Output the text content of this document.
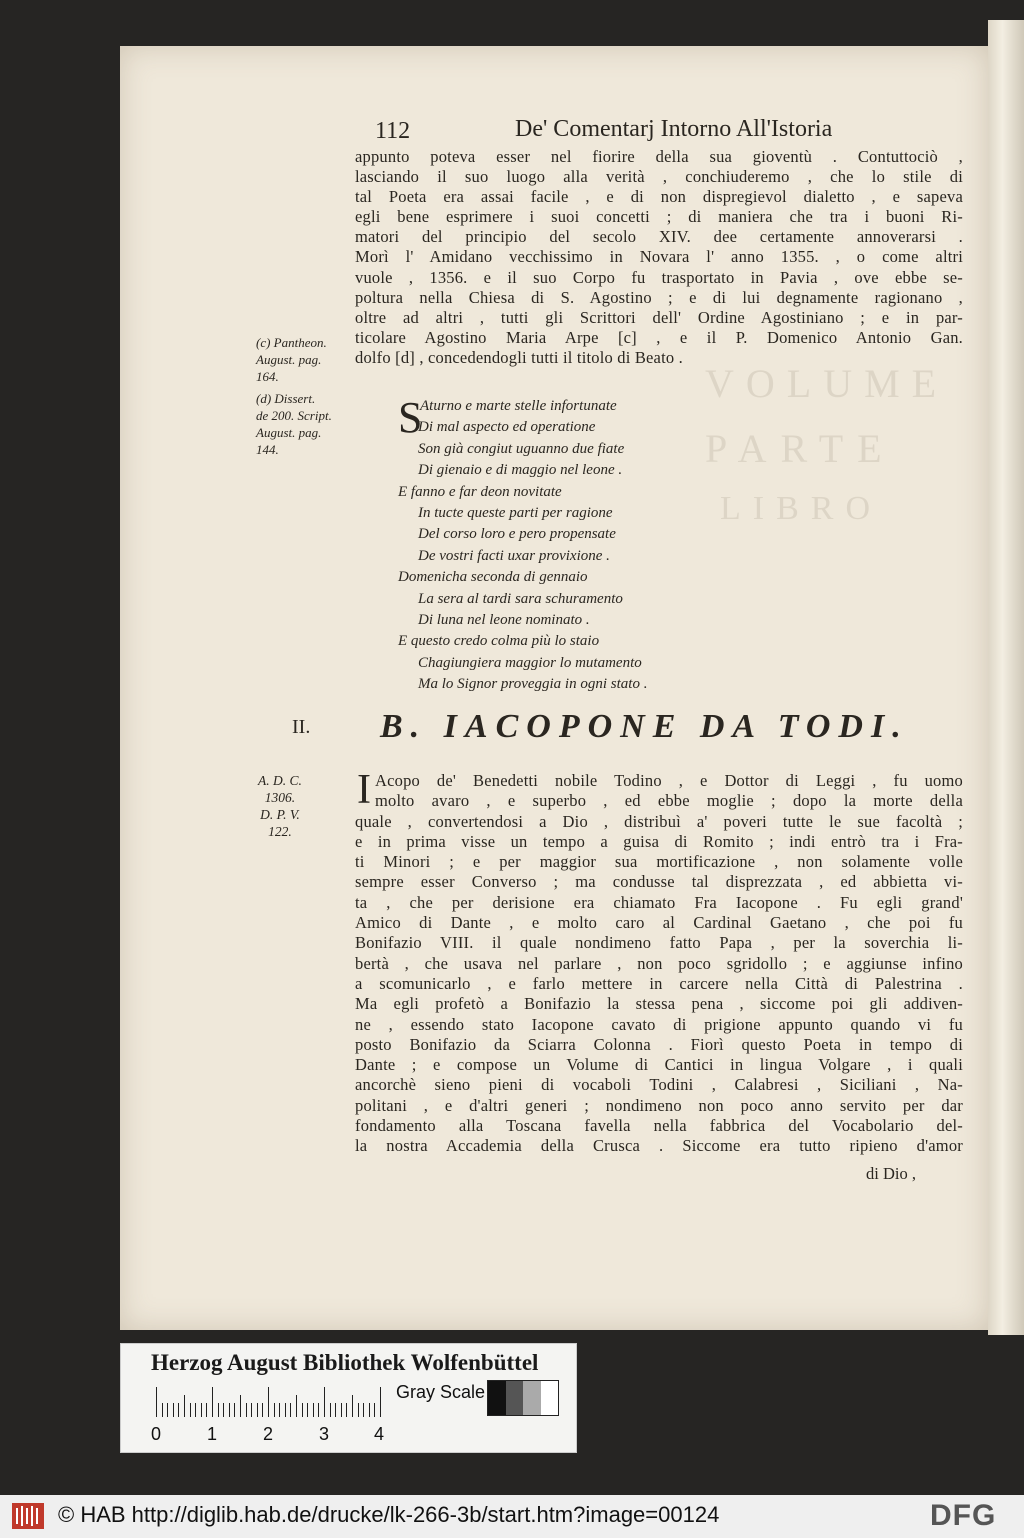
VOLUME
PARTE
LIBRO
112	De' Comentarj Intorno All'Istoria
appunto poteva esser nel fiorire della sua gioventù . Contuttociò ,
lasciando il suo luogo alla verità , conchiuderemo , che lo stile di
tal Poeta era assai facile , e di non dispregievol dialetto , e sapeva
egli bene esprimere i suoi concetti ; di maniera che tra i buoni Ri-
matori del principio del secolo XIV. dee certamente annoverarsi .
Morì l' Amidano vecchissimo in Novara l' anno 1355. , o come altri
vuole , 1356. e il suo Corpo fu trasportato in Pavia , ove ebbe se-
poltura nella Chiesa di S. Agostino ; e di lui degnamente ragionano ,
oltre ad altri , tutti gli Scrittori dell' Ordine Agostiniano ; e in par-
ticolare Agostino Maria Arpe [c] , e il P. Domenico Antonio Gan.
dolfo [d] , concedendogli tutti il titolo di Beato .
(c) Pantheon.
August. pag.
164.
(d) Dissert.
de 200. Script.
August. pag.
144.
S
Aturno e marte stelle infortunate
Di mal aspecto ed operatione
Son già congiut uguanno due fiate
Di gienaio e di maggio nel leone .
E fanno e far deon novitate
In tucte queste parti per ragione
Del corso loro e pero propensate
De vostri facti uxar provixione .
Domenicha seconda di gennaio
La sera al tardi sara schuramento
Di luna nel leone nominato .
E questo credo colma più lo staio
Chagiungiera maggior lo mutamento
Ma lo Signor proveggia in ogni stato .
II. B. IACOPONE DA TODI.
A. D. C.
1306.
D. P. V.
122.
I Acopo de' Benedetti nobile Todino , e Dottor di Leggi , fu uomo
molto avaro , e superbo , ed ebbe moglie ; dopo la morte della
quale , convertendosi a Dio , distribuì a' poveri tutte le sue facoltà ;
e in prima visse un tempo a guisa di Romito ; indi entrò tra i Fra-
ti Minori ; e per maggior sua mortificazione , non solamente volle
sempre esser Converso ; ma condusse tal disprezzata , ed abbietta vi-
ta , che per derisione era chiamato Fra Iacopone . Fu egli grand'
Amico di Dante , e molto caro al Cardinal Gaetano , che poi fu
Bonifazio VIII. il quale nondimeno fatto Papa , per la soverchia li-
bertà , che usava nel parlare , non poco sgridollo ; e aggiunse infino
a scomunicarlo , e farlo mettere in carcere nella Città di Palestrina .
Ma egli profetò a Bonifazio la stessa pena , siccome poi gli addiven-
ne , essendo stato Iacopone cavato di prigione appunto quando vi fu
posto Bonifazio da Sciarra Colonna . Fiorì questo Poeta in tempo di
Dante ; e compose un Volume di Cantici in lingua Volgare , i quali
ancorchè sieno pieni di vocaboli Todini , Calabresi , Siciliani , Na-
politani , e d'altri generi ; nondimeno non poco anno servito per dar
fondamento alla Toscana favella nella fabbrica del Vocabolario del-
la nostra Accademia della Crusca . Siccome era tutto ripieno d'amor
di Dio ,
Herzog August Bibliothek Wolfenbüttel
0	1	2	3 4
Gray Scale
© HAB http://diglib.hab.de/drucke/lk-266-3b/start.htm?image=00124	DFG
